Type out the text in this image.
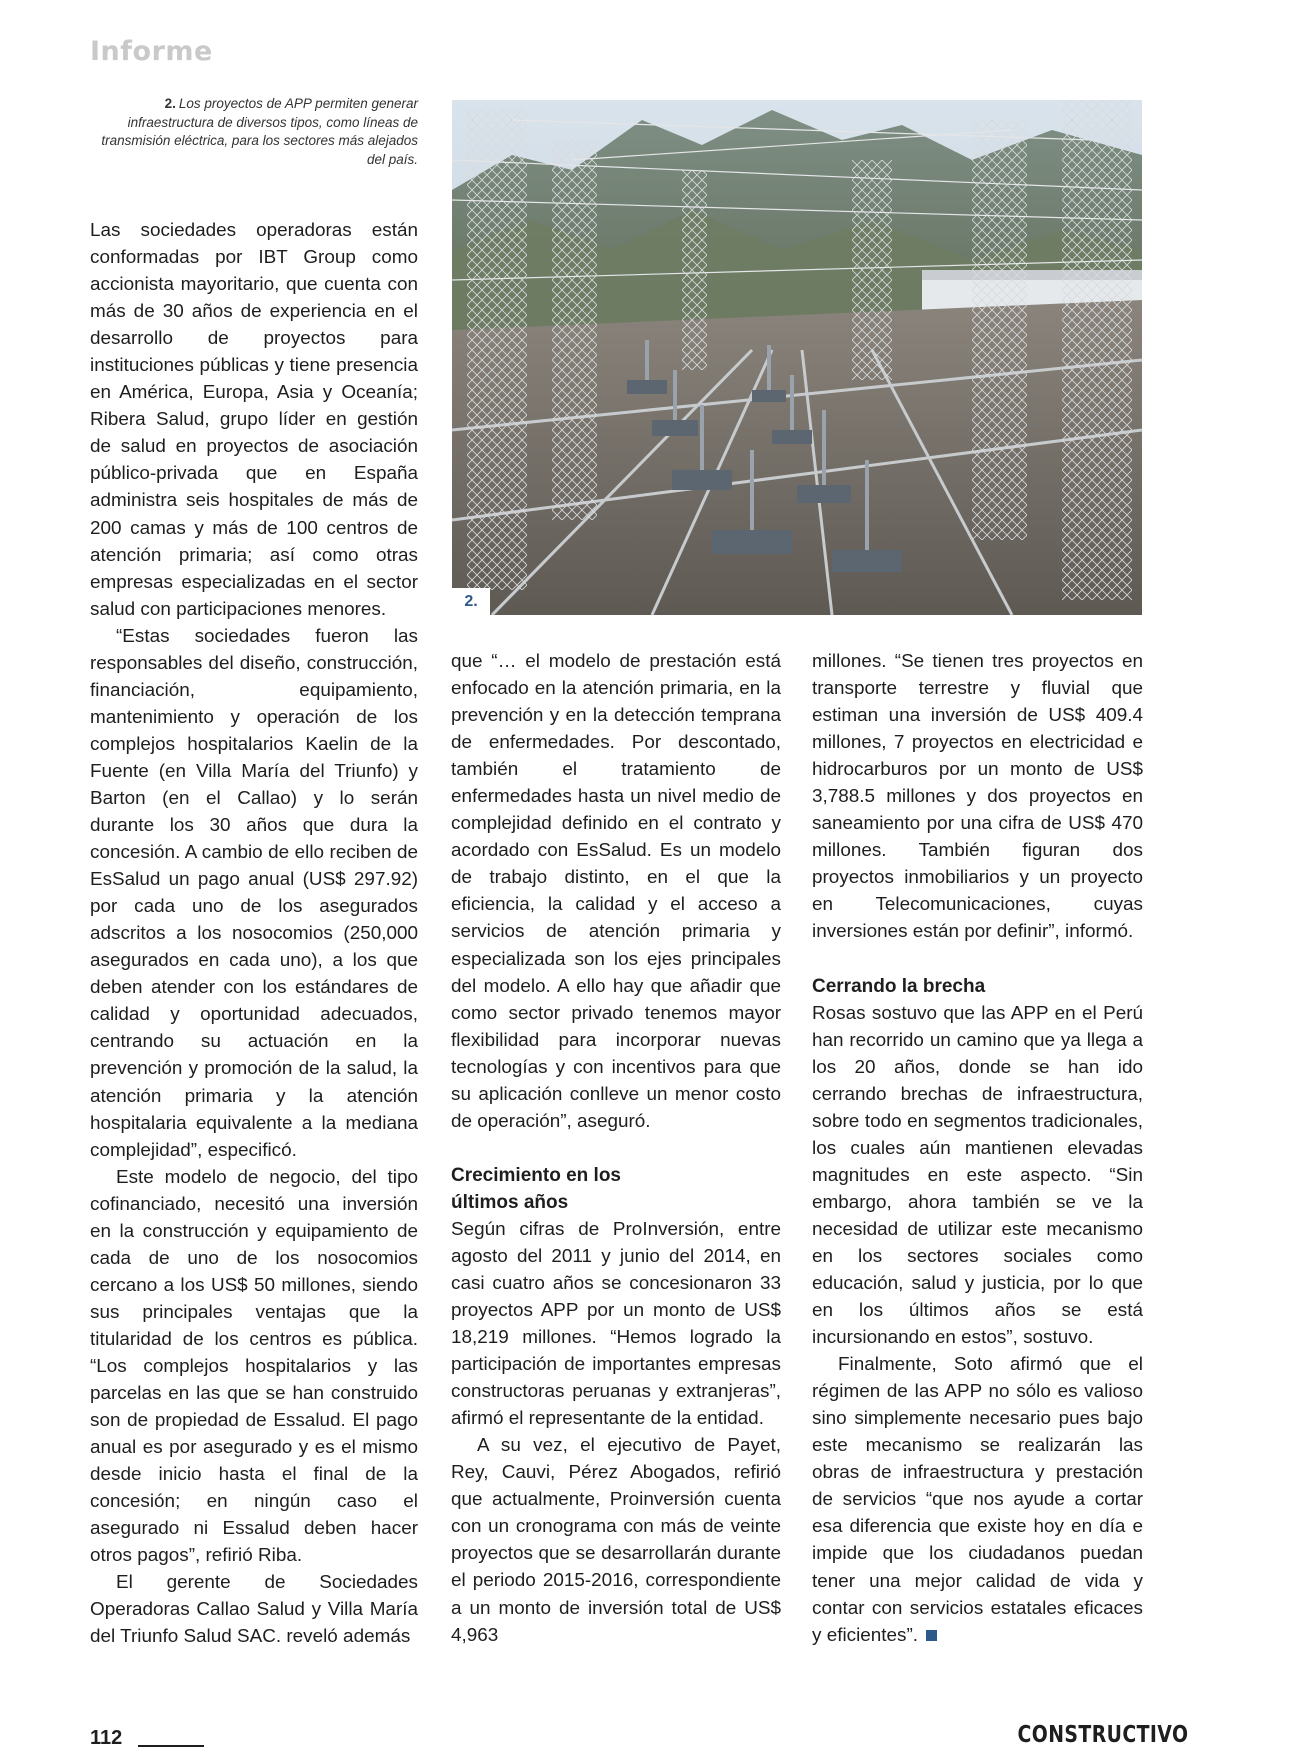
Informe
2. Los proyectos de APP permiten generar infraestructura de diversos tipos, como líneas de transmisión eléctrica, para los sectores más alejados del país.
2.

Las sociedades operadoras están conformadas por IBT Group como accionista mayoritario, que cuenta con más de 30 años de experiencia en el desarrollo de proyectos para instituciones públicas y tiene presencia en América, Europa, Asia y Oceanía; Ribera Salud, grupo líder en gestión de salud en proyectos de asociación público-privada que en España administra seis hospitales de más de 200 camas y más de 100 centros de atención primaria; así como otras empresas especializadas en el sector salud con participaciones menores.

“Estas sociedades fueron las responsables del diseño, construcción, financiación, equipamiento, mantenimiento y operación de los complejos hospitalarios Kaelin de la Fuente (en Villa María del Triunfo) y Barton (en el Callao) y lo serán durante los 30 años que dura la concesión. A cambio de ello reciben de EsSalud un pago anual (US$ 297.92) por cada uno de los asegurados adscritos a los nosocomios (250,000 asegurados en cada uno), a los que deben atender con los estándares de calidad y oportunidad adecuados, centrando su actuación en la prevención y promoción de la salud, la atención primaria y la atención hospitalaria equivalente a la mediana complejidad”, especificó.

Este modelo de negocio, del tipo cofinanciado, necesitó una inversión en la construcción y equipamiento de cada de uno de los nosocomios cercano a los US$ 50 millones, siendo sus principales ventajas que la titularidad de los centros es pública. “Los complejos hospitalarios y las parcelas en las que se han construido son de propiedad de Essalud. El pago anual es por asegurado y es el mismo desde inicio hasta el final de la concesión; en ningún caso el asegurado ni Essalud deben hacer otros pagos”, refirió Riba.

El gerente de Sociedades Operadoras Callao Salud y Villa María del Triunfo Salud SAC. reveló además

que “… el modelo de prestación está enfocado en la atención primaria, en la prevención y en la detección temprana de enfermedades. Por descontado, también el tratamiento de enfermedades hasta un nivel medio de complejidad definido en el contrato y acordado con EsSalud. Es un modelo de trabajo distinto, en el que la eficiencia, la calidad y el acceso a servicios de atención primaria y especializada son los ejes principales del modelo. A ello hay que añadir que como sector privado tenemos mayor flexibilidad para incorporar nuevas tecnologías y con incentivos para que su aplicación conlleve un menor costo de operación”, aseguró.

Crecimiento en los
últimos años

Según cifras de ProInversión, entre agosto del 2011 y junio del 2014, en casi cuatro años se concesionaron 33 proyectos APP por un monto de US$ 18,219 millones. “Hemos logrado la participación de importantes empresas constructoras peruanas y extranjeras”, afirmó el representante de la entidad.

A su vez, el ejecutivo de Payet, Rey, Cauvi, Pérez Abogados, refirió que actualmente, Proinversión cuenta con un cronograma con más de veinte proyectos que se desarrollarán durante el periodo 2015-2016, correspondiente a un monto de inversión total de US$ 4,963

millones. “Se tienen tres proyectos en transporte terrestre y fluvial que estiman una inversión de US$ 409.4 millones, 7 proyectos en electricidad e hidrocarburos por un monto de US$ 3,788.5 millones y dos proyectos en saneamiento por una cifra de US$ 470 millones. También figuran dos proyectos inmobiliarios y un proyecto en Telecomunicaciones, cuyas inversiones están por definir”, informó.

Cerrando la brecha

Rosas sostuvo que las APP en el Perú han recorrido un camino que ya llega a los 20 años, donde se han ido cerrando brechas de infraestructura, sobre todo en segmentos tradicionales, los cuales aún mantienen elevadas magnitudes en este aspecto. “Sin embargo, ahora también se ve la necesidad de utilizar este mecanismo en los sectores sociales como educación, salud y justicia, por lo que en los últimos años se está incursionando en estos”, sostuvo.

Finalmente, Soto afirmó que el régimen de las APP no sólo es valioso sino simplemente necesario pues bajo este mecanismo se realizarán las obras de infraestructura y prestación de servicios “que nos ayude a cortar esa diferencia que existe hoy en día e impide que los ciudadanos puedan tener una mejor calidad de vida y contar con servicios estatales eficaces y eficientes”.

112	CONSTRUCTIVO
